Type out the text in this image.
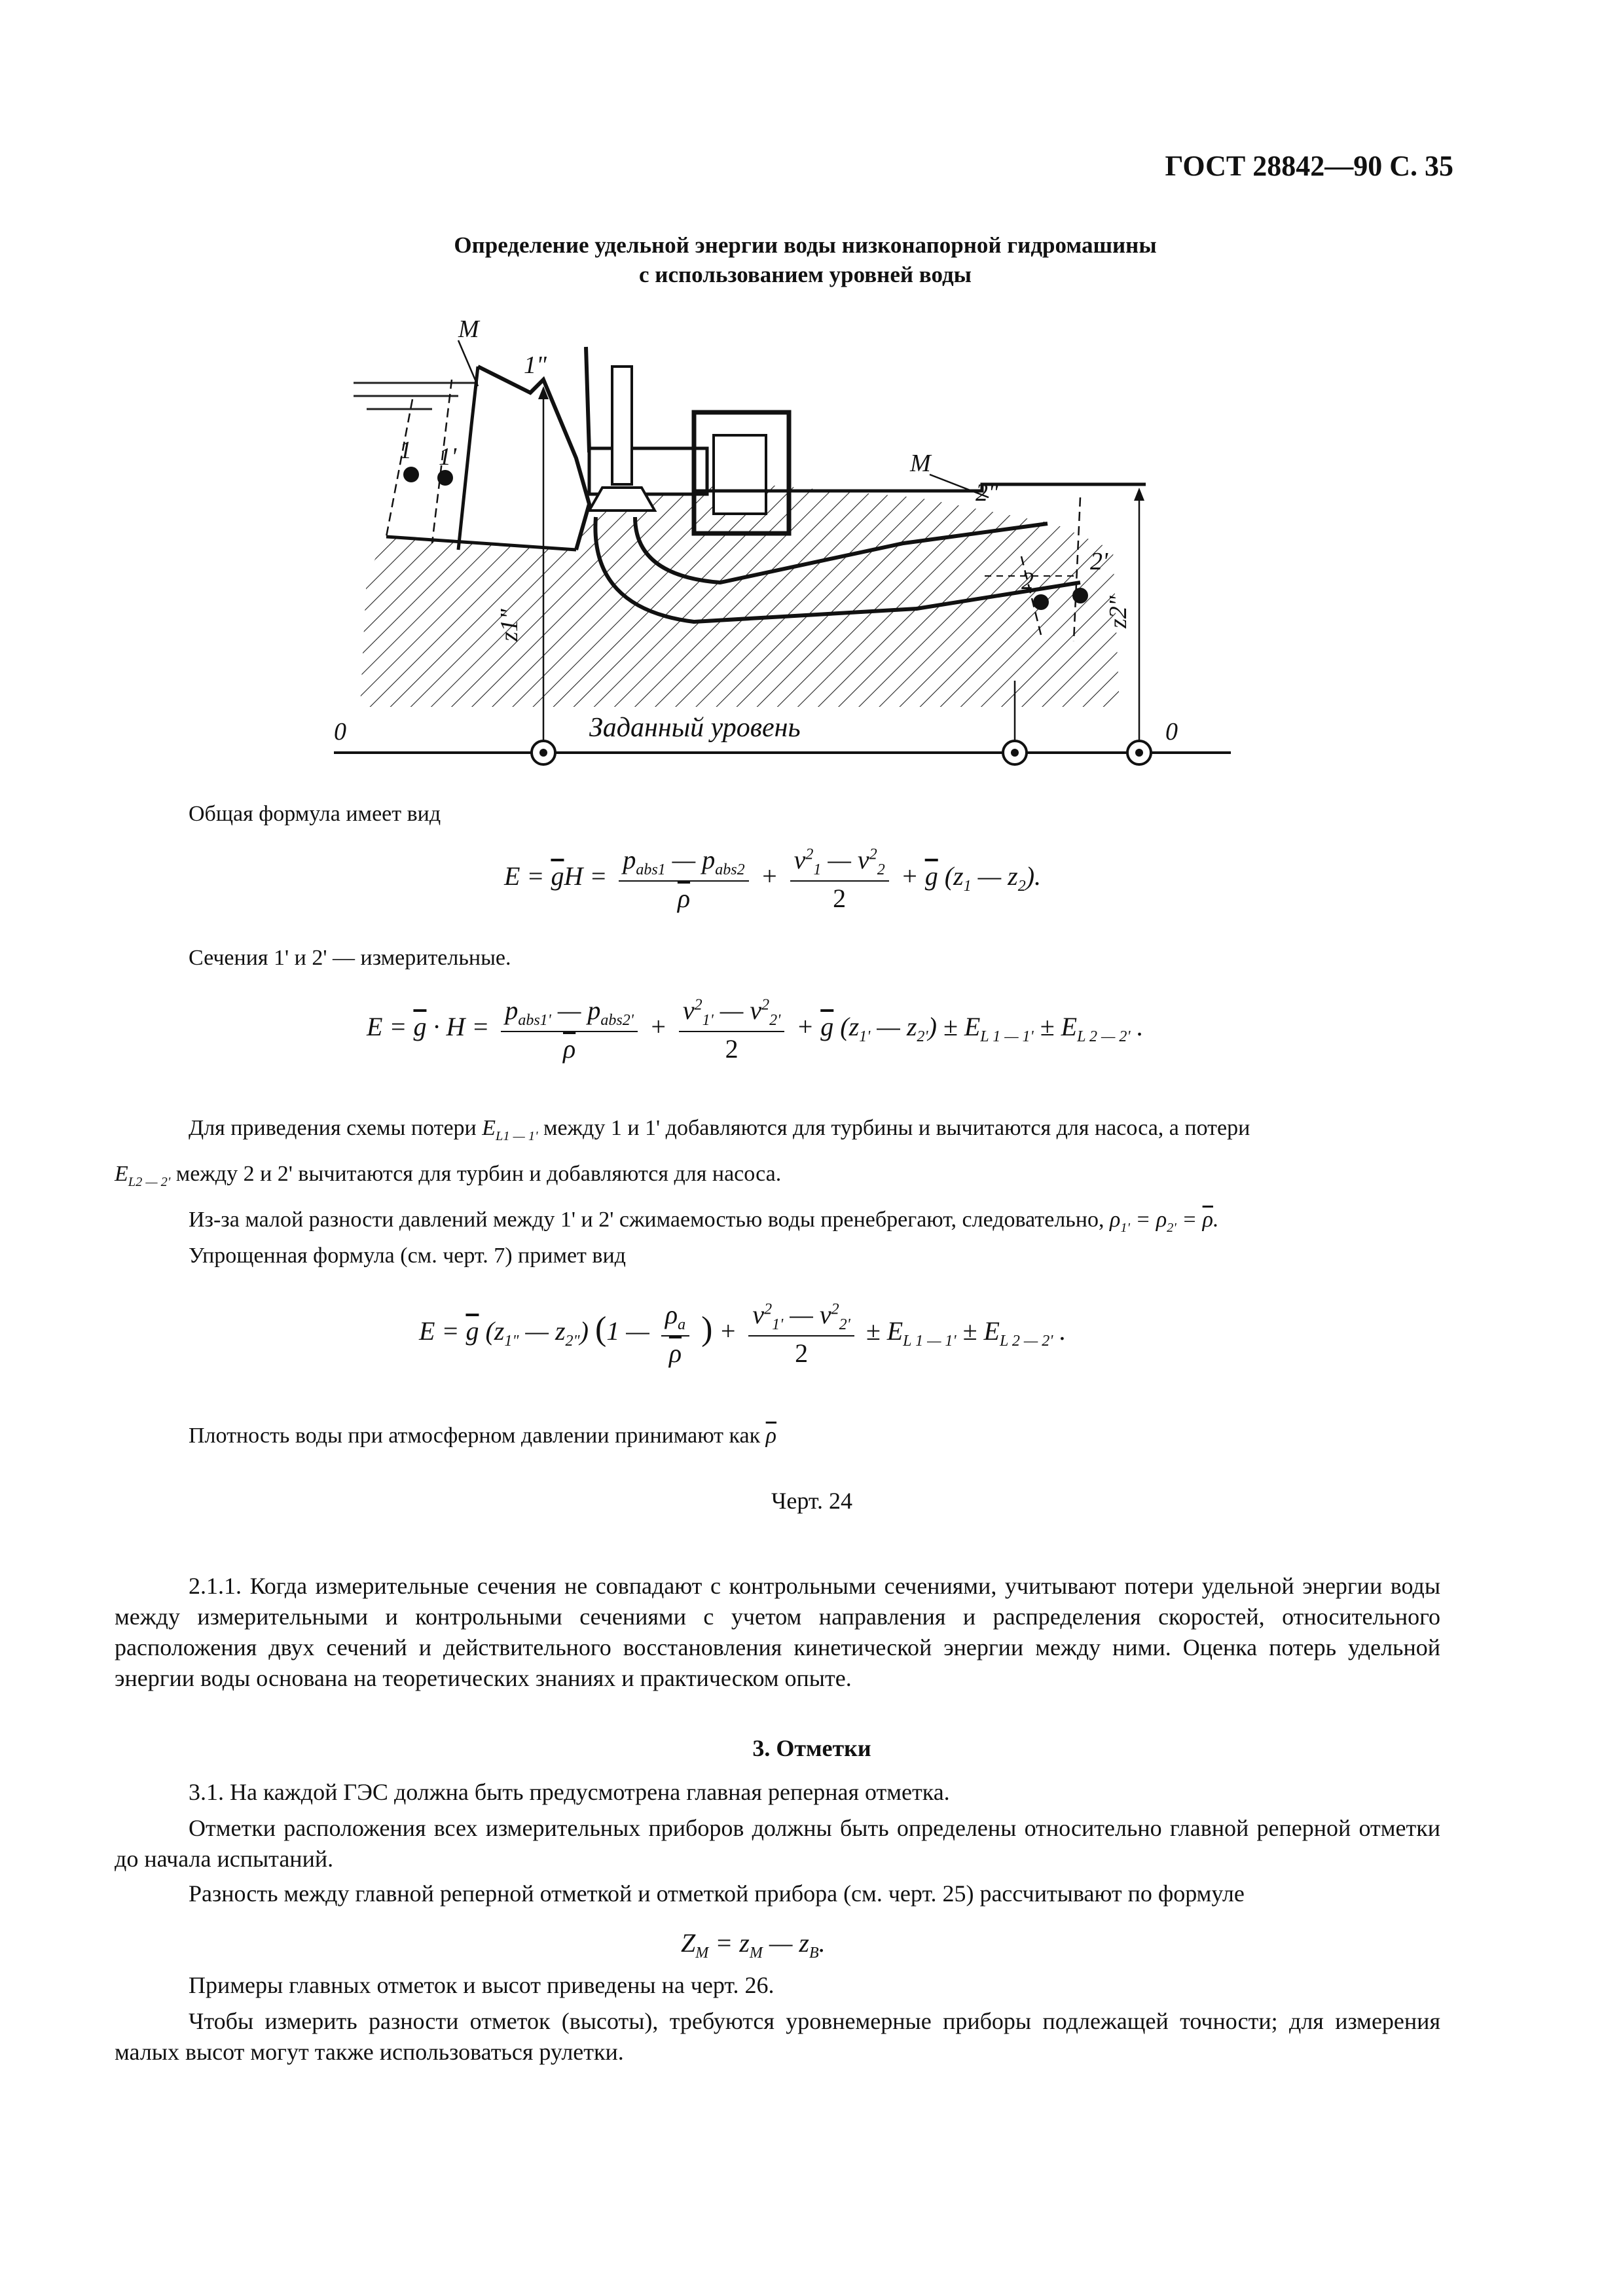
ГОСТ 28842—90 С. 35
Определение удельной энергии воды низконапорной гидромашины
с использованием уровней воды
М
1"
1 1'	М
2"
2'
2
z1"	z2"
0	0
Заданный уровень
Общая формула имеет вид
$E = \overline{g}H = \frac{p_{abs1} — p_{abs2}}{\rho} + \frac{v^2_1 — v^2_2}{2} + \overline{g}$ ($z_1$ — $z_2$).
Сечения 1' и 2' — измерительные.
$E = \overline{g} \cdot H = \frac{p_{abs1'} — p_{abs2'}}{\rho} + \frac{v^2_{1'} — v^2_{2'}}{2} + \overline{g}$ ($z_{1'}$ — $z_{2'}) \pm E_{L 1 — 1'} \pm E_{L 2 — 2'}$ .
Для приведения схемы потери $E_{L1 — 1'}$ между 1 и 1' добавляются для турбины и вычитаются для насоса, а потери
$E_{L2 — 2'}$ между 2 и 2' вычитаются для турбин и добавляются для насоса.
Из-за малой разности давлений между 1' и 2' сжимаемостью воды пренебрегают, следовательно, $\rho_{1'} = \rho_{2'} = \overline{\rho}$.
Упрощенная формула (см. черт. 7) примет вид
$E = \overline{g}$ ($z_{1"}$ — $z_{2"}$) (1 — $\frac{\rho_a}{\rho}$ ) + $\frac{v^2_{1'} — v^2_{2'}}{2} \pm E_{L 1 — 1'} \pm E_{L 2 — 2'}$ .
Плотность воды при атмосферном давлении принимают как $\overline{\rho}$
Черт. 24
2.1.1. Когда измерительные сечения не совпадают с контрольными сечениями, учитывают потери удельной энергии воды между измерительными и контрольными сечениями с учетом направления и распределения скоростей, относительного расположения двух сечений и действительного восстановления кинетической энергии между ними. Оценка потерь удельной энергии воды основана на теоретических знаниях и практическом опыте.
3. Отметки
3.1. На каждой ГЭС должна быть предусмотрена главная реперная отметка.
Отметки расположения всех измерительных приборов должны быть определены относительно главной реперной отметки до начала испытаний.
Разность между главной реперной отметкой и отметкой прибора (см. черт. 25) рассчитывают по формуле
$Z_M = z_M$ — $z_B$.
Примеры главных отметок и высот приведены на черт. 26.
Чтобы измерить разности отметок (высоты), требуются уровнемерные приборы подлежащей точности; для измерения малых высот могут также использоваться рулетки.
